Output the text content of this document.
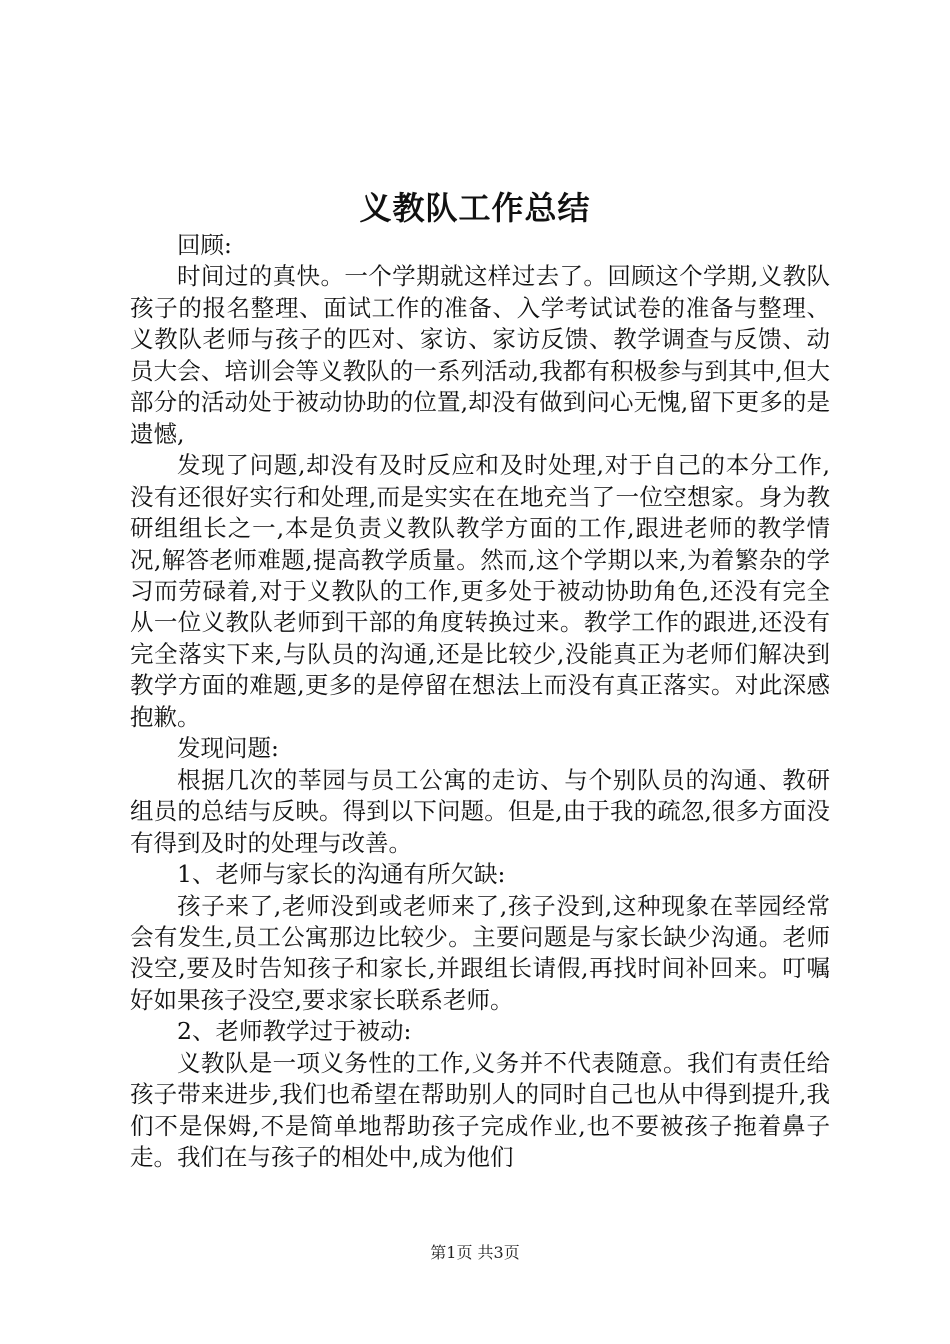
义教队工作总结

回顾:

时间过的真快。一个学期就这样过去了。回顾这个学期,义教队孩子的报名整理、面试工作的准备、入学考试试卷的准备与整理、义教队老师与孩子的匹对、家访、家访反馈、教学调查与反馈、动员大会、培训会等义教队的一系列活动,我都有积极参与到其中,但大部分的活动处于被动协助的位置,却没有做到问心无愧,留下更多的是遗憾,

发现了问题,却没有及时反应和及时处理,对于自己的本分工作,没有还很好实行和处理,而是实实在在地充当了一位空想家。身为教研组组长之一,本是负责义教队教学方面的工作,跟进老师的教学情况,解答老师难题,提高教学质量。然而,这个学期以来,为着繁杂的学习而劳碌着,对于义教队的工作,更多处于被动协助角色,还没有完全从一位义教队老师到干部的角度转换过来。教学工作的跟进,还没有完全落实下来,与队员的沟通,还是比较少,没能真正为老师们解决到教学方面的难题,更多的是停留在想法上而没有真正落实。对此深感抱歉。

发现问题:

根据几次的莘园与员工公寓的走访、与个别队员的沟通、教研组员的总结与反映。得到以下问题。但是,由于我的疏忽,很多方面没有得到及时的处理与改善。

1、老师与家长的沟通有所欠缺:

孩子来了,老师没到或老师来了,孩子没到,这种现象在莘园经常会有发生,员工公寓那边比较少。主要问题是与家长缺少沟通。老师没空,要及时告知孩子和家长,并跟组长请假,再找时间补回来。叮嘱好如果孩子没空,要求家长联系老师。

2、老师教学过于被动:

义教队是一项义务性的工作,义务并不代表随意。我们有责任给孩子带来进步,我们也希望在帮助别人的同时自己也从中得到提升,我们不是保姆,不是简单地帮助孩子完成作业,也不要被孩子拖着鼻子走。我们在与孩子的相处中,成为他们

第1页 共3页
